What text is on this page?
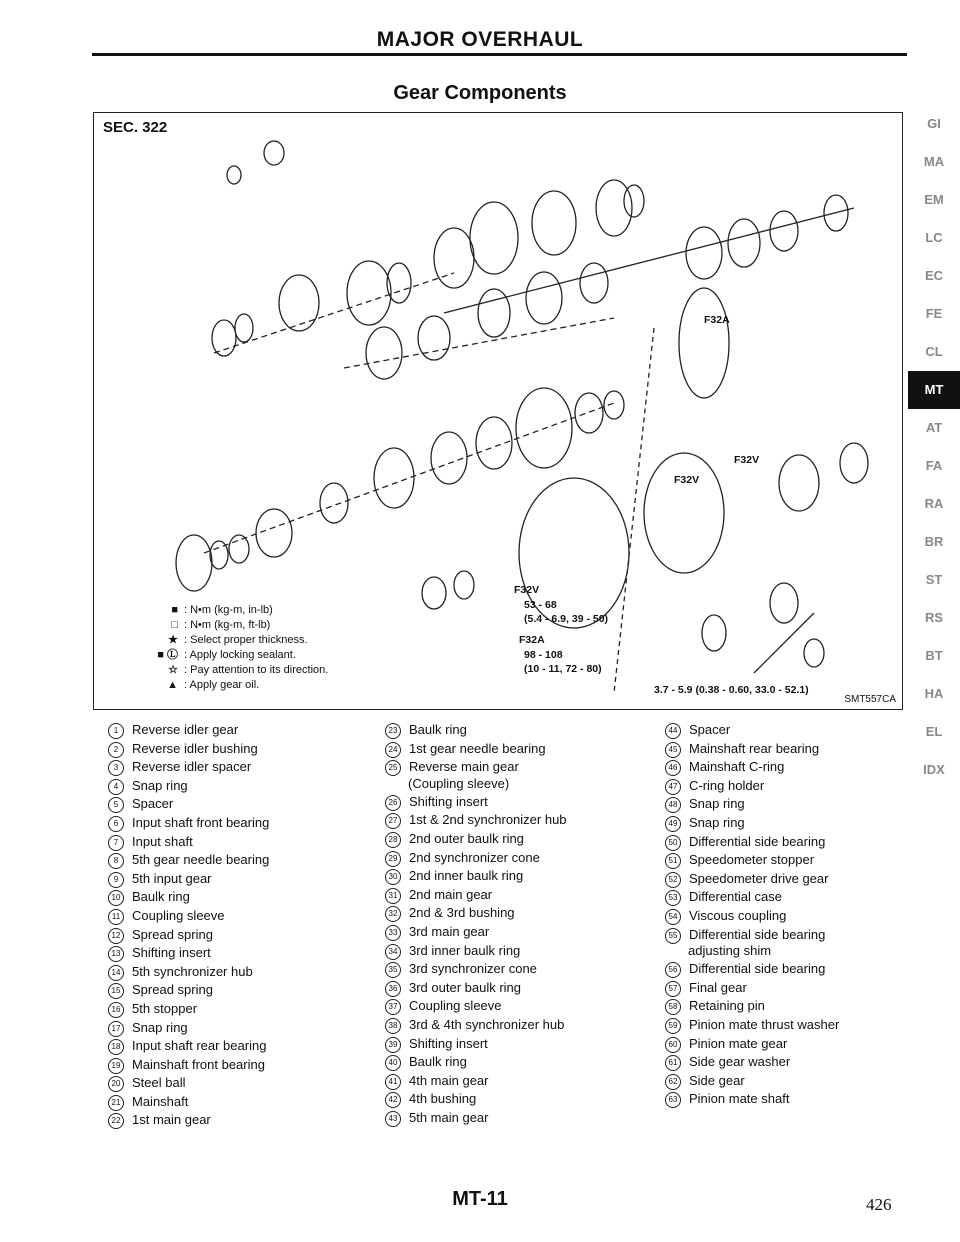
MAJOR OVERHAUL
Gear Components
SEC. 322
F32V
53 - 68
(5.4 - 6.9, 39 - 50)
F32A
98 - 108
(10 - 11, 72 - 80)
F32V
F32V
F32A
3.7 - 5.9 (0.38 - 0.60, 33.0 - 52.1)
■ : N•m (kg-m, in-lb)
□ : N•m (kg-m, ft-lb)
★ : Select proper thickness.
■ Ⓛ : Apply locking sealant.
☆ : Pay attention to its direction.
▲ : Apply gear oil.
SMT557CA
1	Reverse idler gear
2	Reverse idler bushing
3	Reverse idler spacer
4	Snap ring
5	Spacer
6	Input shaft front bearing
7	Input shaft
8	5th gear needle bearing
9	5th input gear
10 Baulk ring
11 Coupling sleeve
12 Spread spring
13 Shifting insert
14 5th synchronizer hub
15 Spread spring
16 5th stopper
17 Snap ring
18 Input shaft rear bearing
19 Mainshaft front bearing
20 Steel ball
21 Mainshaft
22 1st main gear
23 Baulk ring
24 1st gear needle bearing
25 Reverse main gear
(Coupling sleeve)
26 Shifting insert
27 1st & 2nd synchronizer hub
28 2nd outer baulk ring
29 2nd synchronizer cone
30 2nd inner baulk ring
31 2nd main gear
32 2nd & 3rd bushing
33 3rd main gear
34 3rd inner baulk ring
35 3rd synchronizer cone
36 3rd outer baulk ring
37 Coupling sleeve
38 3rd & 4th synchronizer hub
39 Shifting insert
40 Baulk ring
41 4th main gear
42 4th bushing
43 5th main gear
44 Spacer
45 Mainshaft rear bearing
46 Mainshaft C-ring
47 C-ring holder
48 Snap ring
49 Snap ring
50 Differential side bearing
51 Speedometer stopper
52 Speedometer drive gear
53 Differential case
54 Viscous coupling
55 Differential side bearing
adjusting shim
56 Differential side bearing
57 Final gear
58 Retaining pin
59 Pinion mate thrust washer
60 Pinion mate gear
61 Side gear washer
62 Side gear
63 Pinion mate shaft
GI
MA
EM
LC
EC
FE
CL
MT
AT
FA
RA
BR
ST
RS
BT
HA
EL
IDX
MT-11	426
